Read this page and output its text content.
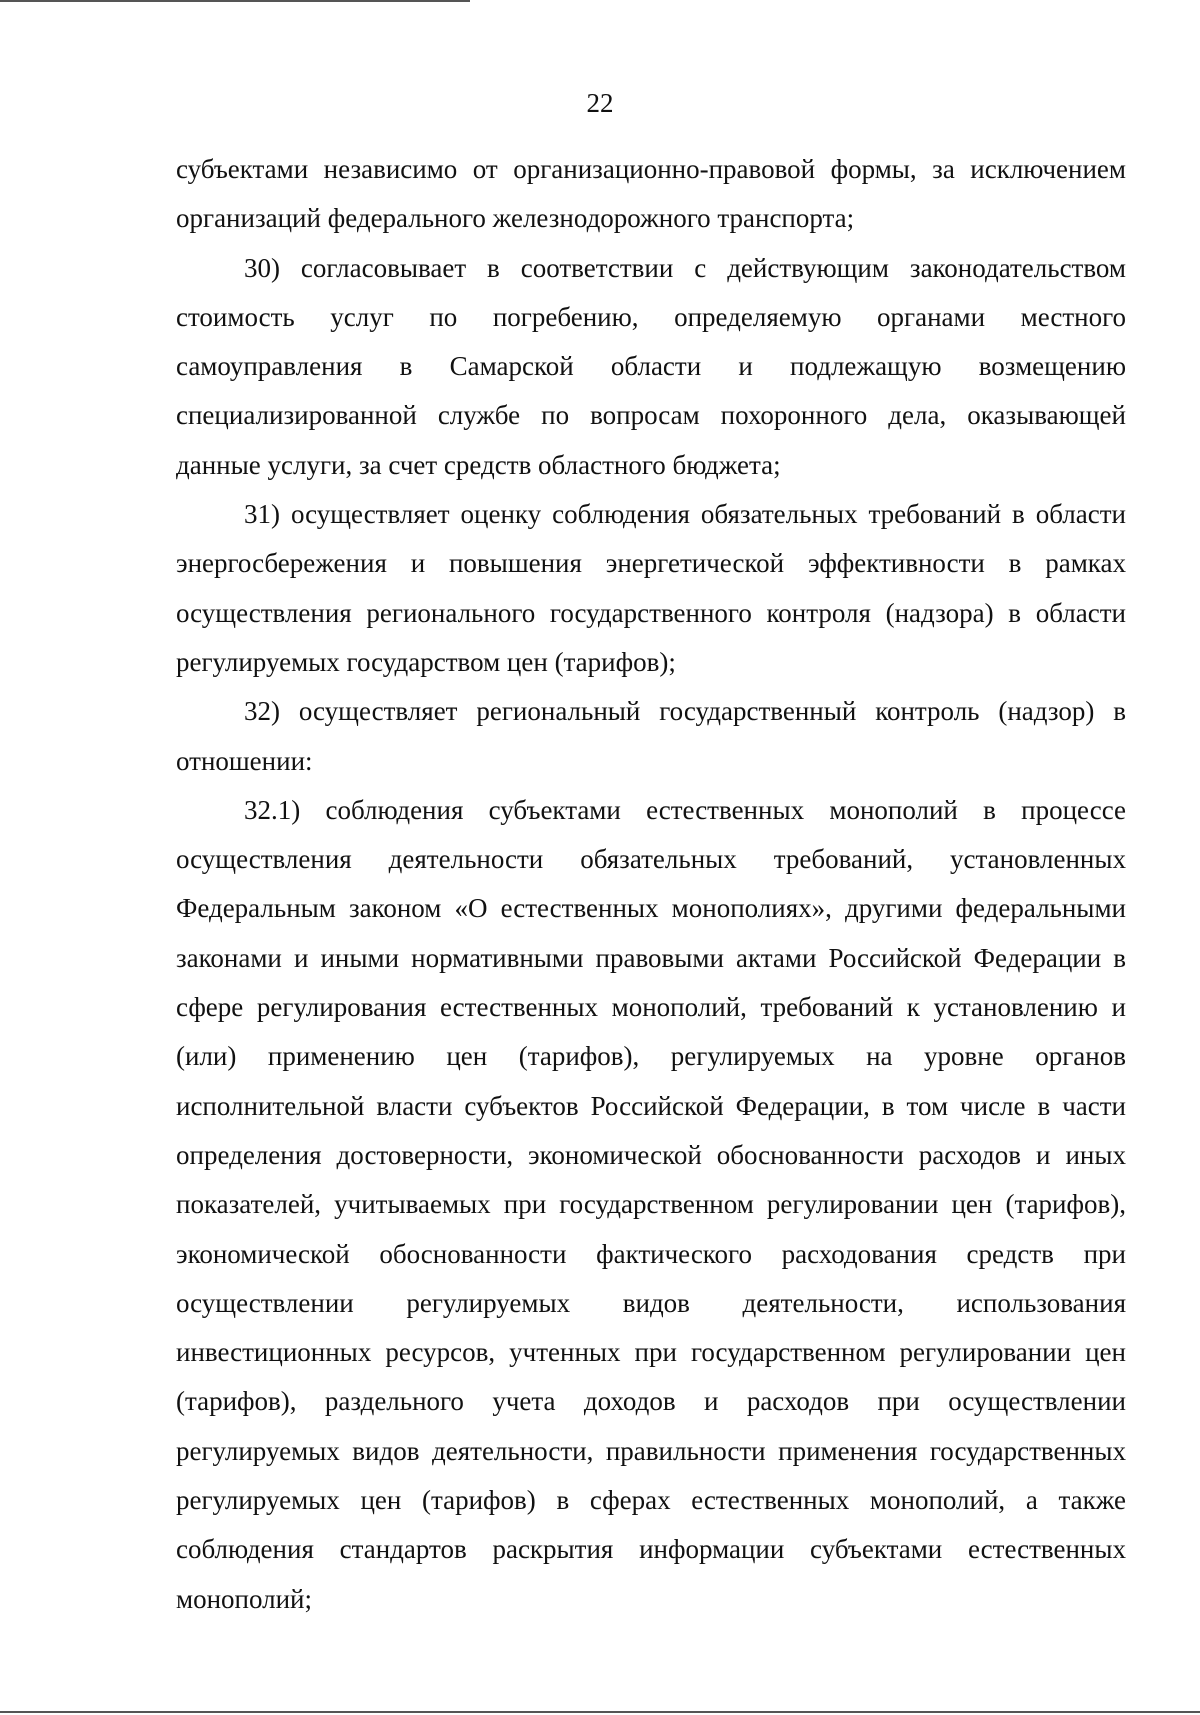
22

субъектами независимо от организационно-правовой формы, за исключением организаций федерального железнодорожного транспорта;

30) согласовывает в соответствии с действующим законодательством стоимость услуг по погребению, определяемую органами местного самоуправления в Самарской области и подлежащую возмещению специализированной службе по вопросам похоронного дела, оказывающей данные услуги, за счет средств областного бюджета;

31) осуществляет оценку соблюдения обязательных требований в области энергосбережения и повышения энергетической эффективности в рамках осуществления регионального государственного контроля (надзора) в области регулируемых государством цен (тарифов);

32) осуществляет региональный государственный контроль (надзор) в отношении:

32.1) соблюдения субъектами естественных монополий в процессе осуществления деятельности обязательных требований, установленных Федеральным законом «О естественных монополиях», другими федеральными законами и иными нормативными правовыми актами Российской Федерации в сфере регулирования естественных монополий, требований к установлению и (или) применению цен (тарифов), регулируемых на уровне органов исполнительной власти субъектов Российской Федерации, в том числе в части определения достоверности, экономической обоснованности расходов и иных показателей, учитываемых при государственном регулировании цен (тарифов), экономической обоснованности фактического расходования средств при осуществлении регулируемых видов деятельности, использования инвестиционных ресурсов, учтенных при государственном регулировании цен (тарифов), раздельного учета доходов и расходов при осуществлении регулируемых видов деятельности, правильности применения государственных регулируемых цен (тарифов) в сферах естественных монополий, а также соблюдения стандартов раскрытия информации субъектами естественных монополий;
